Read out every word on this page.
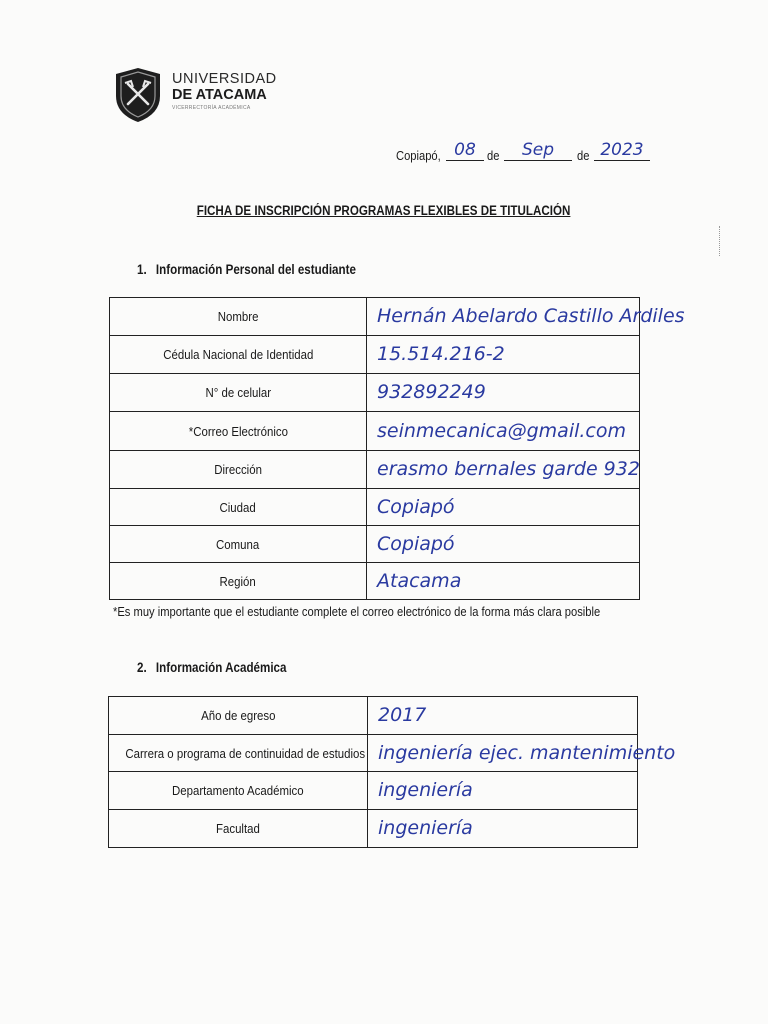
UNIVERSIDAD
DE ATACAMA
VICERRECTORÍA ACADÉMICA
Copiapó, 08 de	Sep	de 2023
FICHA DE INSCRIPCIÓN PROGRAMAS FLEXIBLES DE TITULACIÓN
1. Información Personal del estudiante
Nombre	Hernán Abelardo Castillo Ardiles
Cédula Nacional de Identidad	15.514.216-2
N° de celular	932892249
*Correo Electrónico	seinmecanica@gmail.com
Dirección	erasmo bernales garde 932
Ciudad	Copiapó
Comuna	Copiapó
Región	Atacama
*Es muy importante que el estudiante complete el correo electrónico de la forma más clara posible
2. Información Académica
Año de egreso	2017
Carrera o programa de continuidad de estudios	ingeniería ejec. mantenimiento
Departamento Académico	ingeniería
Facultad	ingeniería
